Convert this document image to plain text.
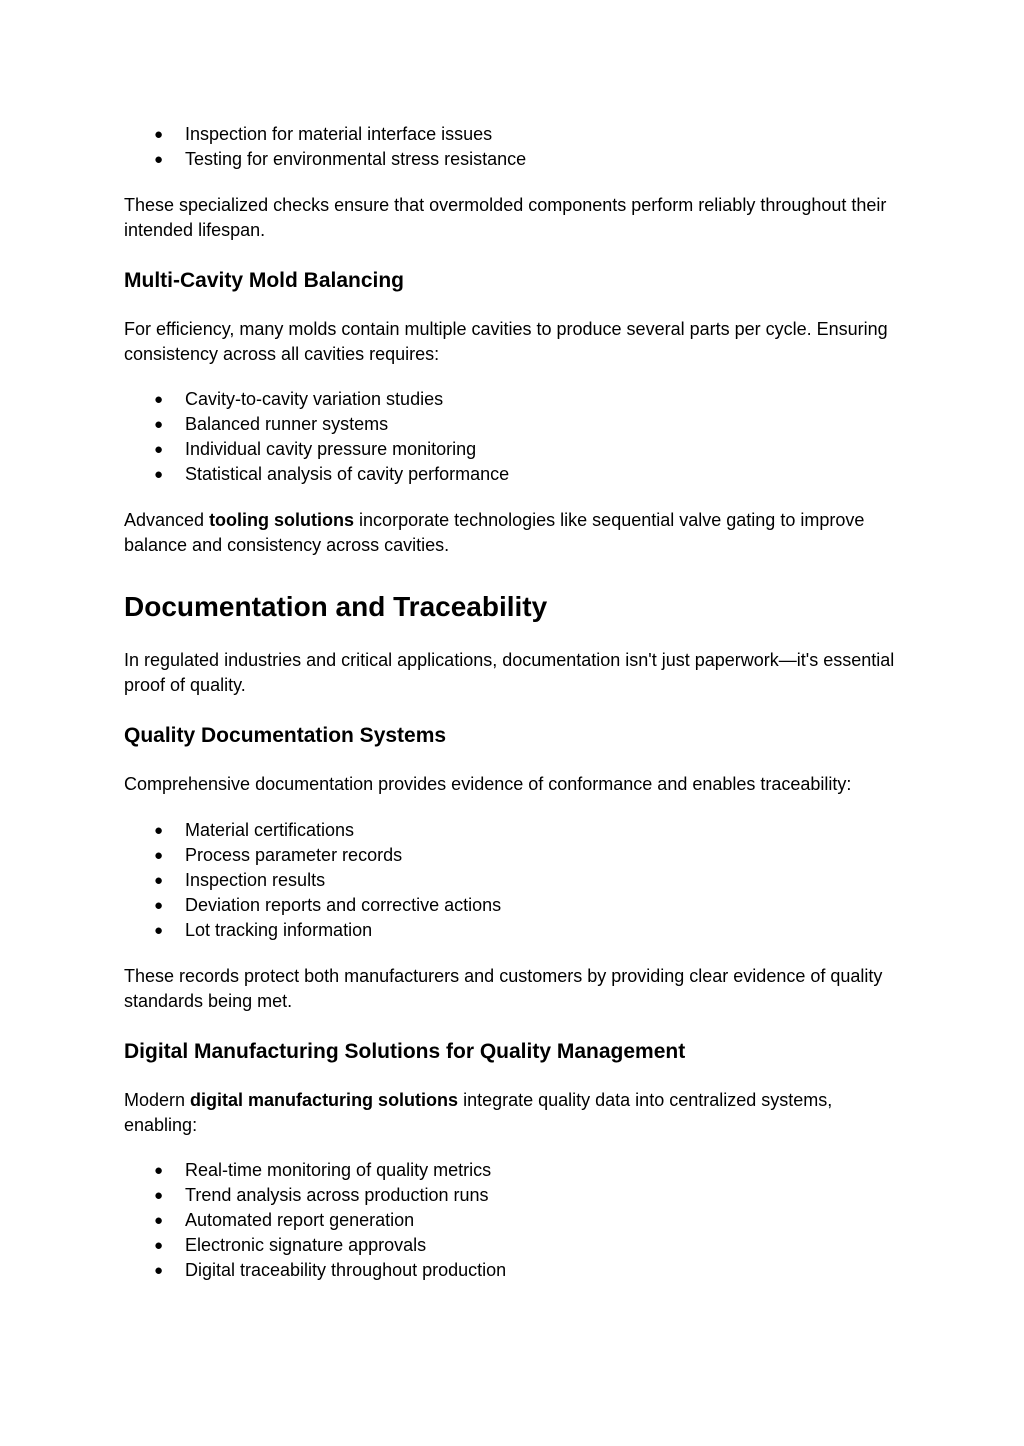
● Inspection for material interface issues
● Testing for environmental stress resistance

These specialized checks ensure that overmolded components perform reliably throughout their intended lifespan.

Multi-Cavity Mold Balancing

For efficiency, many molds contain multiple cavities to produce several parts per cycle. Ensuring consistency across all cavities requires:

● Cavity-to-cavity variation studies
● Balanced runner systems
● Individual cavity pressure monitoring
● Statistical analysis of cavity performance

Advanced tooling solutions incorporate technologies like sequential valve gating to improve balance and consistency across cavities.

Documentation and Traceability

In regulated industries and critical applications, documentation isn't just paperwork—it's essential proof of quality.

Quality Documentation Systems

Comprehensive documentation provides evidence of conformance and enables traceability:

● Material certifications
● Process parameter records
● Inspection results
● Deviation reports and corrective actions
● Lot tracking information

These records protect both manufacturers and customers by providing clear evidence of quality standards being met.

Digital Manufacturing Solutions for Quality Management

Modern digital manufacturing solutions integrate quality data into centralized systems, enabling:

● Real-time monitoring of quality metrics
● Trend analysis across production runs
● Automated report generation
● Electronic signature approvals
● Digital traceability throughout production
